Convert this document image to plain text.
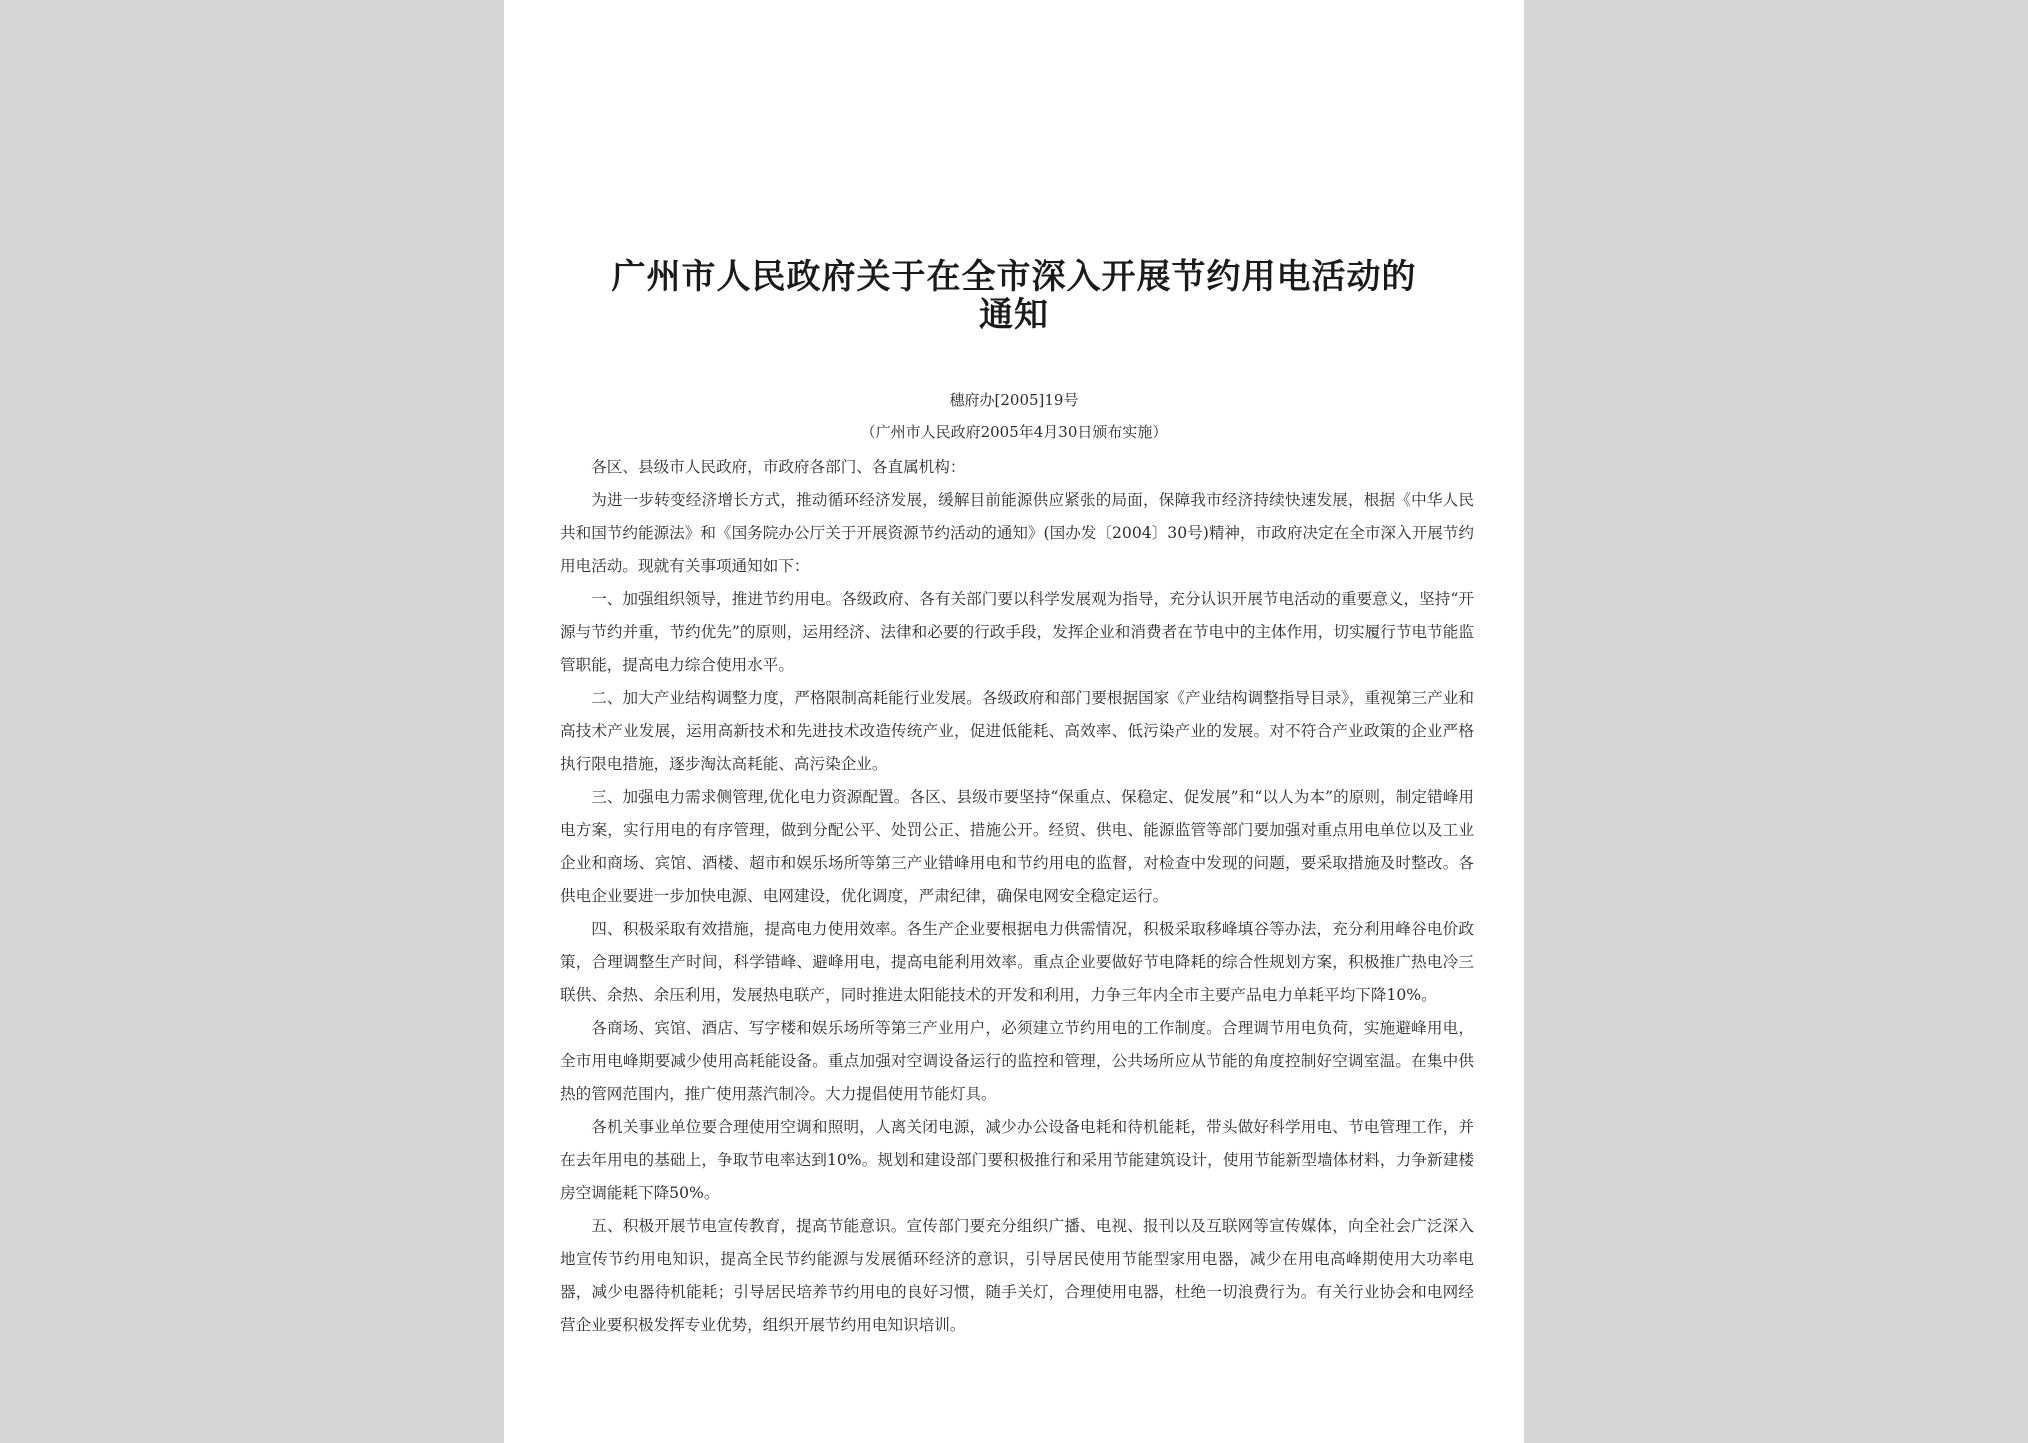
广州市人民政府关于在全市深入开展节约用电活动的
通知
穗府办[2005]19号
（广州市人民政府2005年4月30日颁布实施）

各区、县级市人民政府，市政府各部门、各直属机构：

为进一步转变经济增长方式，推动循环经济发展，缓解目前能源供应紧张的局面，保障我市经济持续快速发展，根据《中华人民共和国节约能源法》和《国务院办公厅关于开展资源节约活动的通知》(国办发〔2004〕30号)精神，市政府决定在全市深入开展节约用电活动。现就有关事项通知如下：

一、加强组织领导，推进节约用电。各级政府、各有关部门要以科学发展观为指导，充分认识开展节电活动的重要意义，坚持“开源与节约并重，节约优先”的原则，运用经济、法律和必要的行政手段，发挥企业和消费者在节电中的主体作用，切实履行节电节能监管职能，提高电力综合使用水平。

二、加大产业结构调整力度，严格限制高耗能行业发展。各级政府和部门要根据国家《产业结构调整指导目录》，重视第三产业和高技术产业发展，运用高新技术和先进技术改造传统产业，促进低能耗、高效率、低污染产业的发展。对不符合产业政策的企业严格执行限电措施，逐步淘汰高耗能、高污染企业。

三、加强电力需求侧管理,优化电力资源配置。各区、县级市要坚持“保重点、保稳定、促发展”和“以人为本”的原则，制定错峰用电方案，实行用电的有序管理，做到分配公平、处罚公正、措施公开。经贸、供电、能源监管等部门要加强对重点用电单位以及工业企业和商场、宾馆、酒楼、超市和娱乐场所等第三产业错峰用电和节约用电的监督，对检查中发现的问题，要采取措施及时整改。各供电企业要进一步加快电源、电网建设，优化调度，严肃纪律，确保电网安全稳定运行。

四、积极采取有效措施，提高电力使用效率。各生产企业要根据电力供需情况，积极采取移峰填谷等办法，充分利用峰谷电价政策，合理调整生产时间，科学错峰、避峰用电，提高电能利用效率。重点企业要做好节电降耗的综合性规划方案，积极推广热电冷三联供、余热、余压利用，发展热电联产，同时推进太阳能技术的开发和利用，力争三年内全市主要产品电力单耗平均下降10%。

各商场、宾馆、酒店、写字楼和娱乐场所等第三产业用户，必须建立节约用电的工作制度。合理调节用电负荷，实施避峰用电，全市用电峰期要减少使用高耗能设备。重点加强对空调设备运行的监控和管理，公共场所应从节能的角度控制好空调室温。在集中供热的管网范围内，推广使用蒸汽制冷。大力提倡使用节能灯具。

各机关事业单位要合理使用空调和照明，人离关闭电源，减少办公设备电耗和待机能耗，带头做好科学用电、节电管理工作，并在去年用电的基础上，争取节电率达到10%。规划和建设部门要积极推行和采用节能建筑设计，使用节能新型墙体材料，力争新建楼房空调能耗下降50%。

五、积极开展节电宣传教育，提高节能意识。宣传部门要充分组织广播、电视、报刊以及互联网等宣传媒体，向全社会广泛深入地宣传节约用电知识，提高全民节约能源与发展循环经济的意识，引导居民使用节能型家用电器，减少在用电高峰期使用大功率电器，减少电器待机能耗；引导居民培养节约用电的良好习惯，随手关灯，合理使用电器，杜绝一切浪费行为。有关行业协会和电网经营企业要积极发挥专业优势，组织开展节约用电知识培训。
